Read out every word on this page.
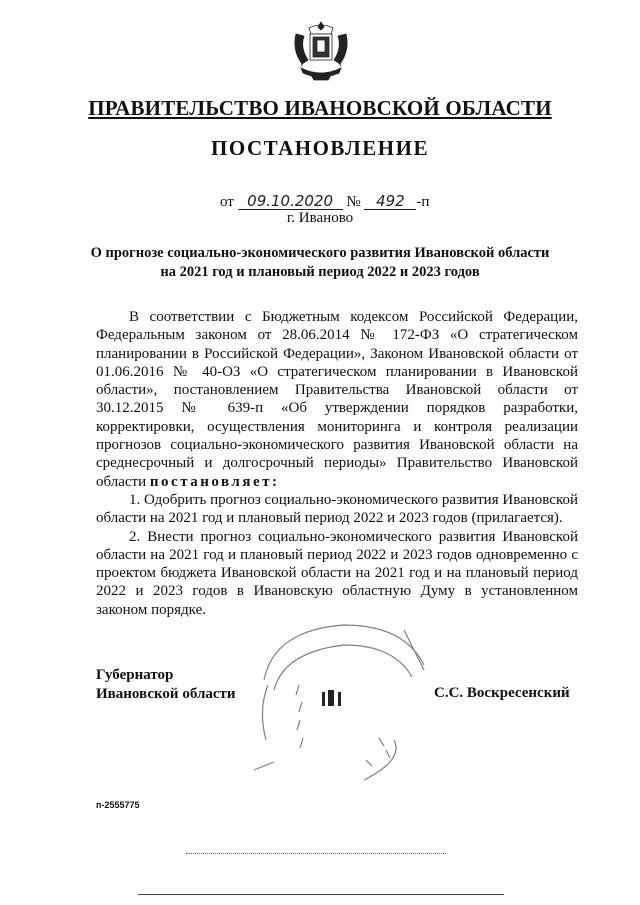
ПРАВИТЕЛЬСТВО ИВАНОВСКОЙ ОБЛАСТИ
ПОСТАНОВЛЕНИЕ
от 09.10.2020 № 492 -п
г. Иваново
О прогнозе социально-экономического развития Ивановской области
на 2021 год и плановый период 2022 и 2023 годов

В соответствии с Бюджетным кодексом Российской Федерации, Федеральным законом от 28.06.2014 № 172-ФЗ «О стратегическом планировании в Российской Федерации», Законом Ивановской области от 01.06.2016 № 40-ОЗ «О стратегическом планировании в Ивановской области», постановлением Правительства Ивановской области от 30.12.2015 № 639-п «Об утверждении порядков разработки, корректировки, осуществления мониторинга и контроля реализации прогнозов социально-экономического развития Ивановской области на среднесрочный и долгосрочный периоды» Правительство Ивановской области постановляет:

1. Одобрить прогноз социально-экономического развития Ивановской области на 2021 год и плановый период 2022 и 2023 годов (прилагается).

2. Внести прогноз социально-экономического развития Ивановской области на 2021 год и плановый период 2022 и 2023 годов одновременно с проектом бюджета Ивановской области на 2021 год и на плановый период 2022 и 2023 годов в Ивановскую областную Думу в установленном законом порядке.

Губернатор
Ивановской области	С.С. Воскресенский
п-2555775
